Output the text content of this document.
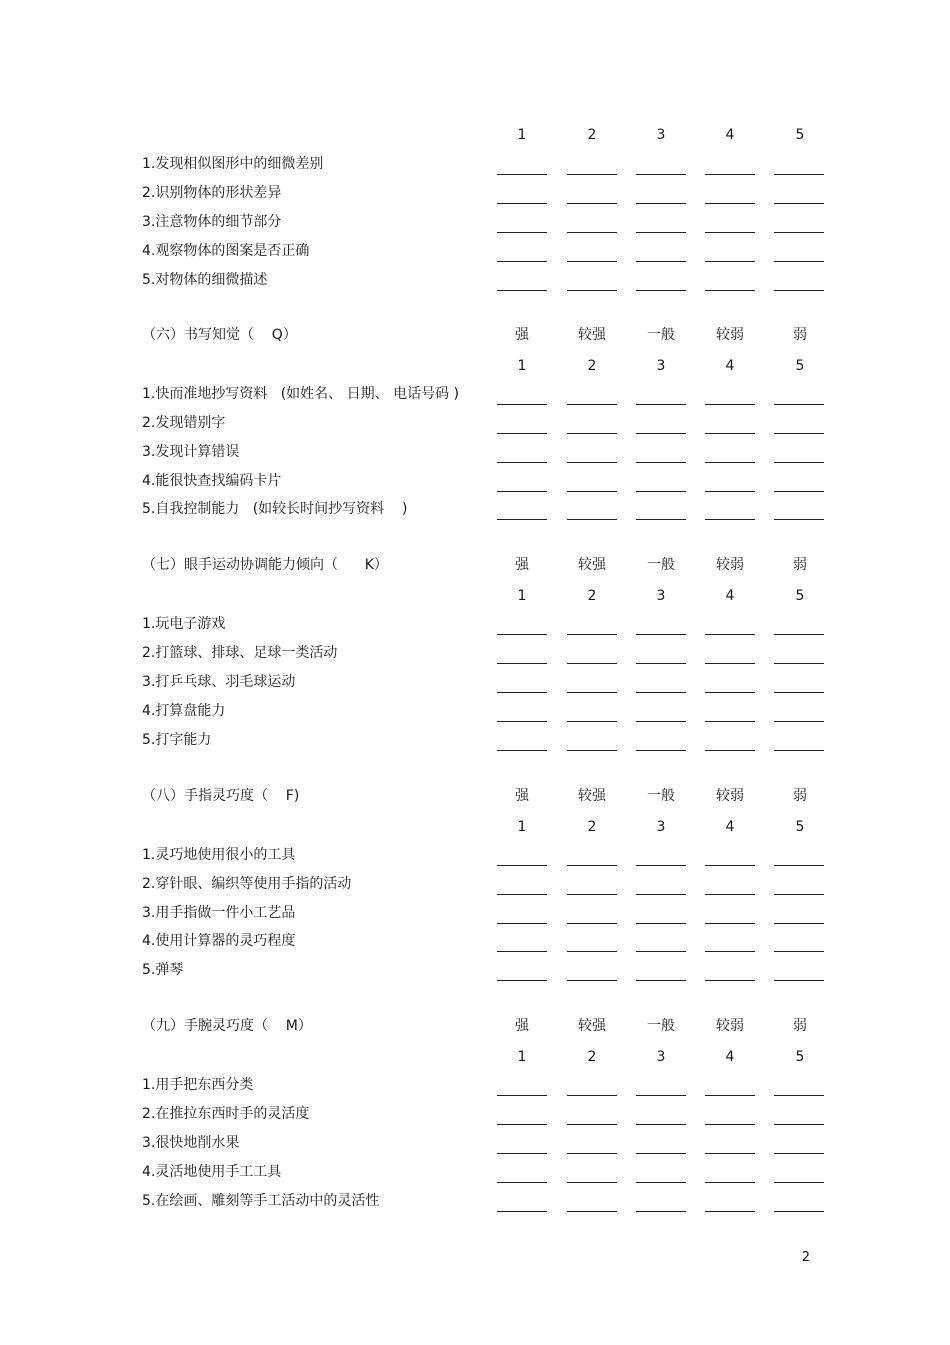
1	2	3	4	5
1.发现相似图形中的细微差别
2.识别物体的形状差异
3.注意物体的细节部分
4.观察物体的图案是否正确
5.对物体的细微描述
（六）书写知觉（    Q）	强	较强	一般	较弱	弱
1	2	3	4	5
1.快而准地抄写资料   (如姓名、 日期、 电话号码 )
2.发现错别字
3.发现计算错误
4.能很快查找编码卡片
5.自我控制能力   (如较长时间抄写资料    )
（七）眼手运动协调能力倾向（      K）	强	较强	一般	较弱	弱
1	2	3	4	5
1.玩电子游戏
2.打篮球、排球、足球一类活动
3.打乒乓球、羽毛球运动
4.打算盘能力
5.打字能力
（八）手指灵巧度（    F)	强	较强	一般	较弱	弱
1	2	3	4	5
1.灵巧地使用很小的工具
2.穿针眼、编织等使用手指的活动
3.用手指做一件小工艺品
4.使用计算器的灵巧程度
5.弹琴
（九）手腕灵巧度（    M）	强	较强	一般	较弱	弱
1	2	3	4	5
1.用手把东西分类
2.在推拉东西时手的灵活度
3.很快地削水果
4.灵活地使用手工工具
5.在绘画、雕刻等手工活动中的灵活性
2
